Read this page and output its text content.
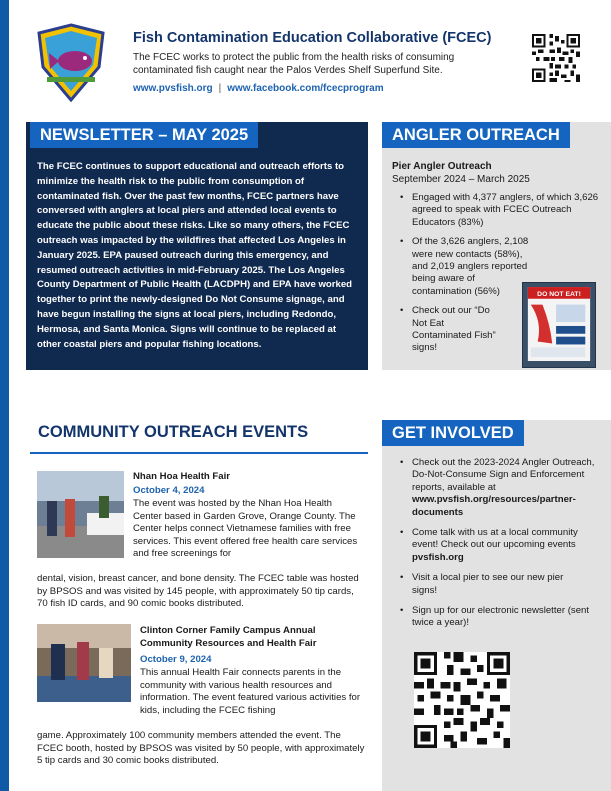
Fish Contamination Education Collaborative (FCEC)
The FCEC works to protect the public from the health risks of consuming contaminated fish caught near the Palos Verdes Shelf Superfund Site.
www.pvsfish.org | www.facebook.com/fcecprogram
NEWSLETTER – MAY 2025
The FCEC continues to support educational and outreach efforts to minimize the health risk to the public from consumption of contaminated fish. Over the past few months, FCEC partners have conversed with anglers at local piers and attended local events to educate the public about these risks. Like so many others, the FCEC outreach was impacted by the wildfires that affected Los Angeles in January 2025. EPA paused outreach during this emergency, and resumed outreach activities in mid-February 2025. The Los Angeles County Department of Public Health (LACDPH) and EPA have worked together to print the newly-designed Do Not Consume signage, and have begun installing the signs at local piers, including Redondo, Hermosa, and Santa Monica. Signs will continue to be replaced at other coastal piers and popular fishing locations.
ANGLER OUTREACH
Pier Angler Outreach
September 2024 – March 2025
• Engaged with 4,377 anglers, of which 3,626 agreed to speak with FCEC Outreach Educators (83%)
• Of the 3,626 anglers, 2,108 were new contacts (58%), and 2,019 anglers reported being aware of contamination (56%)
• Check out our “Do Not Eat Contaminated Fish” signs!
DO NOT EAT!
COMMUNITY OUTREACH EVENTS
Nhan Hoa Health Fair
October 4, 2024
The event was hosted by the Nhan Hoa Health Center based in Garden Grove, Orange County. The Center helps connect Vietnamese families with free services. This event offered free health care services and free screenings for
dental, vision, breast cancer, and bone density. The FCEC table was hosted by BPSOS and was visited by 145 people, with approximately 50 tip cards, 70 fish ID cards, and 90 comic books distributed.
Clinton Corner Family Campus Annual Community Resources and Health Fair
October 9, 2024
This annual Health Fair connects parents in the community with various health resources and information. The event featured various activities for kids, including the FCEC fishing
game. Approximately 100 community members attended the event. The FCEC booth, hosted by BPSOS was visited by 50 people, with approximately 5 tip cards and 30 comic books distributed.
GET INVOLVED
• Check out the 2023-2024 Angler Outreach, Do-Not-Consume Sign and Enforcement reports, available at www.pvsfish.org/resources/partner-documents
• Come talk with us at a local community event! Check out our upcoming events pvsfish.org
• Visit a local pier to see our new pier signs!
• Sign up for our electronic newsletter (sent twice a year)!
